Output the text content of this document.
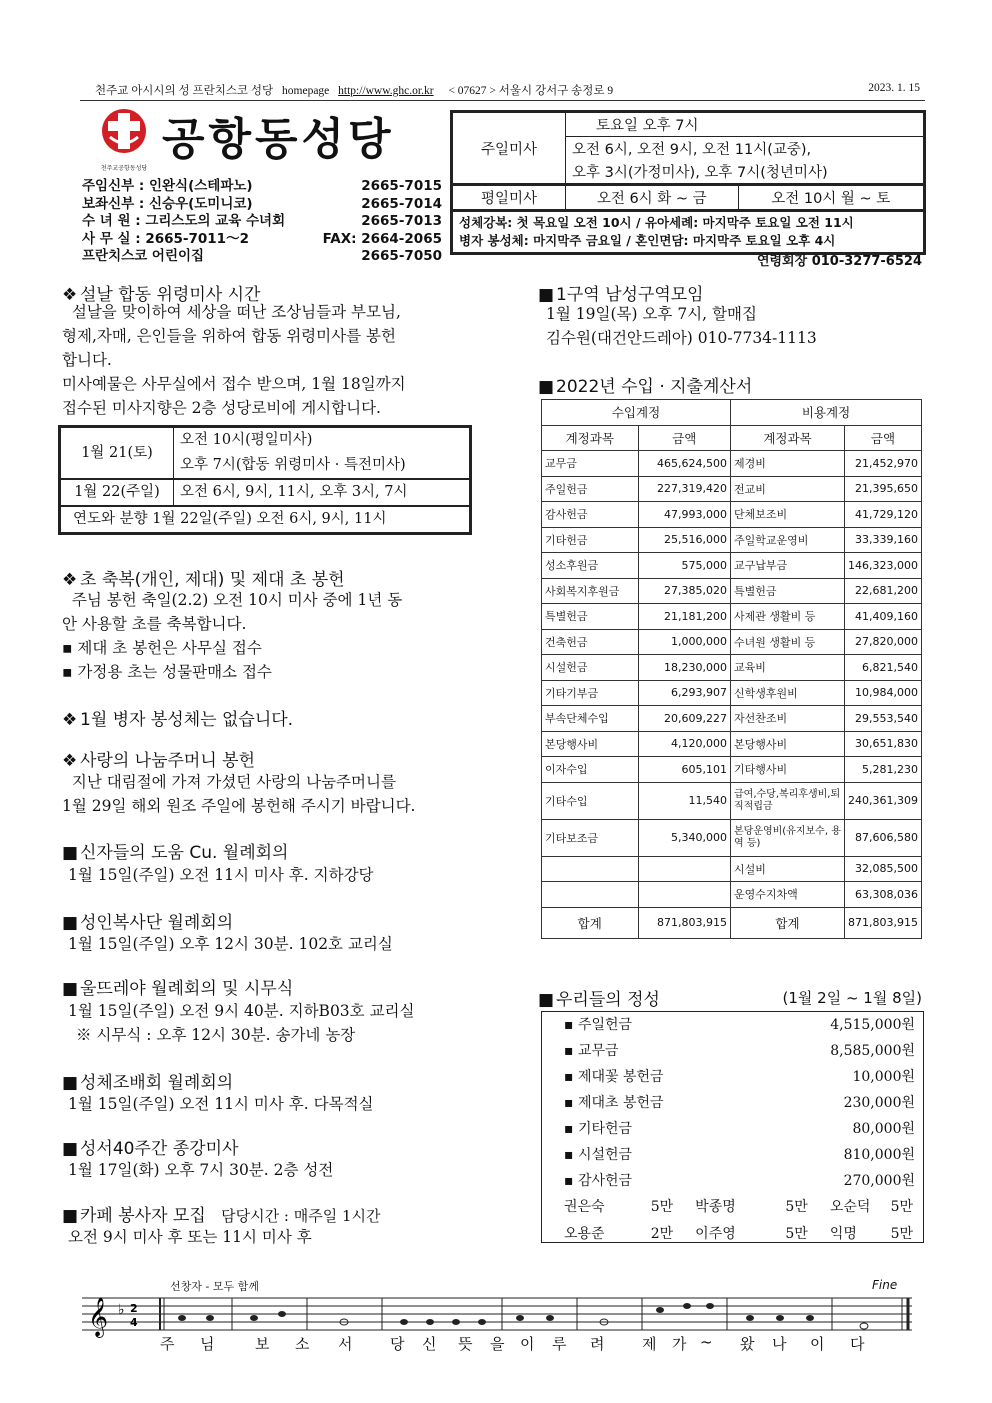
천주교 아시시의 성 프란치스코 성당 homepage http://www.ghc.or.kr < 07627 > 서울시 강서구 송정로 9	2023. 1. 15
천주교공항동성당
공항동성당
주임신부 : 인완식(스테파노)	2665-7015
보좌신부 : 신승우(도미니코)	2665-7014
수 녀 원 : 그리스도의 교육 수녀회	2665-7013
사 무 실 : 2665-7011～2	FAX: 2664-2065
프란치스코 어린이집	2665-7050
주일미사	토요일 오후 7시
오전 6시, 오전 9시, 오전 11시(교중),
오후 3시(가정미사), 오후 7시(청년미사)
평일미사	오전 6시 화 ~ 금	오전 10시 월 ~ 토
성체강복: 첫 목요일 오전 10시 / 유아세례: 마지막주 토요일 오전 11시
병자 봉성체: 마지막주 금요일 / 혼인면담: 마지막주 토요일 오후 4시
연령회장 010-3277-6524
❖ 설날 합동 위령미사 시간
설날을 맞이하여 세상을 떠난 조상님들과 부모님,
형제,자매, 은인들을 위하여 합동 위령미사를 봉헌
합니다.
미사예물은 사무실에서 접수 받으며, 1월 18일까지
접수된 미사지향은 2층 성당로비에 게시합니다.
1월 21(토)	오전 10시(평일미사)
	오후 7시(합동 위령미사 · 특전미사)
1월 22(주일)	오전 6시, 9시, 11시, 오후 3시, 7시
연도와 분향 1월 22일(주일) 오전 6시, 9시, 11시	
❖ 초 축복(개인, 제대) 및 제대 초 봉헌
주님 봉헌 축일(2.2) 오전 10시 미사 중에 1년 동
안 사용할 초를 축복합니다.
▪ 제대 초 봉헌은 사무실 접수
▪ 가정용 초는 성물판매소 접수
❖ 1월 병자 봉성체는 없습니다.
❖ 사랑의 나눔주머니 봉헌
지난 대림절에 가져 가셨던 사랑의 나눔주머니를
1월 29일 해외 원조 주일에 봉헌해 주시기 바랍니다.
■ 신자들의 도움 Cu. 월례회의
1월 15일(주일) 오전 11시 미사 후. 지하강당
■ 성인복사단 월례회의
1월 15일(주일) 오후 12시 30분. 102호 교리실
■ 울뜨레야 월례회의 및 시무식
1월 15일(주일) 오전 9시 40분. 지하B03호 교리실
※ 시무식 : 오후 12시 30분. 송가네 농장
■ 성체조배회 월례회의
1월 15일(주일) 오전 11시 미사 후. 다목적실
■ 성서40주간 종강미사
1월 17일(화) 오후 7시 30분. 2층 성전
■ 카페 봉사자 모집 담당시간 : 매주일 1시간
오전 9시 미사 후 또는 11시 미사 후
■ 1구역 남성구역모임
1월 19일(목) 오후 7시, 할매집
김수원(대건안드레아) 010-7734-1113
■ 2022년 수입 · 지출계산서
수입계정		비용계정	
계정과목	금액	계정과목	금액
교무금	465,624,500	제경비	21,452,970
주일헌금	227,319,420	전교비	21,395,650
감사헌금	47,993,000	단체보조비	41,729,120
기타헌금	25,516,000	주일학교운영비	33,339,160
성소후원금	575,000	교구납부금	146,323,000
사회복지후원금	27,385,020	특별헌금	22,681,200
특별헌금	21,181,200	사제관 생활비 등	41,409,160
건축헌금	1,000,000	수녀원 생활비 등	27,820,000
시설헌금	18,230,000	교육비	6,821,540
기타기부금	6,293,907	신학생후원비	10,984,000
부속단체수입	20,609,227	자선찬조비	29,553,540
본당행사비	4,120,000	본당행사비	30,651,830
이자수입	605,101	기타행사비	5,281,230
기타수입	11,540	급여,수당,복리후생비,퇴직적립금	240,361,309
기타보조금	5,340,000	본당운영비(유지보수, 용역 등)	87,606,580
		시설비	32,085,500
		운영수지차액	63,308,036
합계	871,803,915	합계	871,803,915
■ 우리들의 정성	(1월 2일 ~ 1월 8일)
▪ 주일헌금	4,515,000원
▪ 교무금	8,585,000원
▪ 제대꽃 봉헌금	10,000원
▪ 제대초 봉헌금	230,000원
▪ 기타헌금	80,000원
▪ 시설헌금	810,000원
▪ 감사헌금	270,000원
권은숙	5만 박종명	5만 오순덕	5만
오용준	2만 이주영	5만 익명	5만
선창자 - 모두 함께	Fine
𝄞 ♭ 2
4
주 님	보 소 서	당 신 뜻 을 이 루 려	제 가 ~ 왔 나 이 다
